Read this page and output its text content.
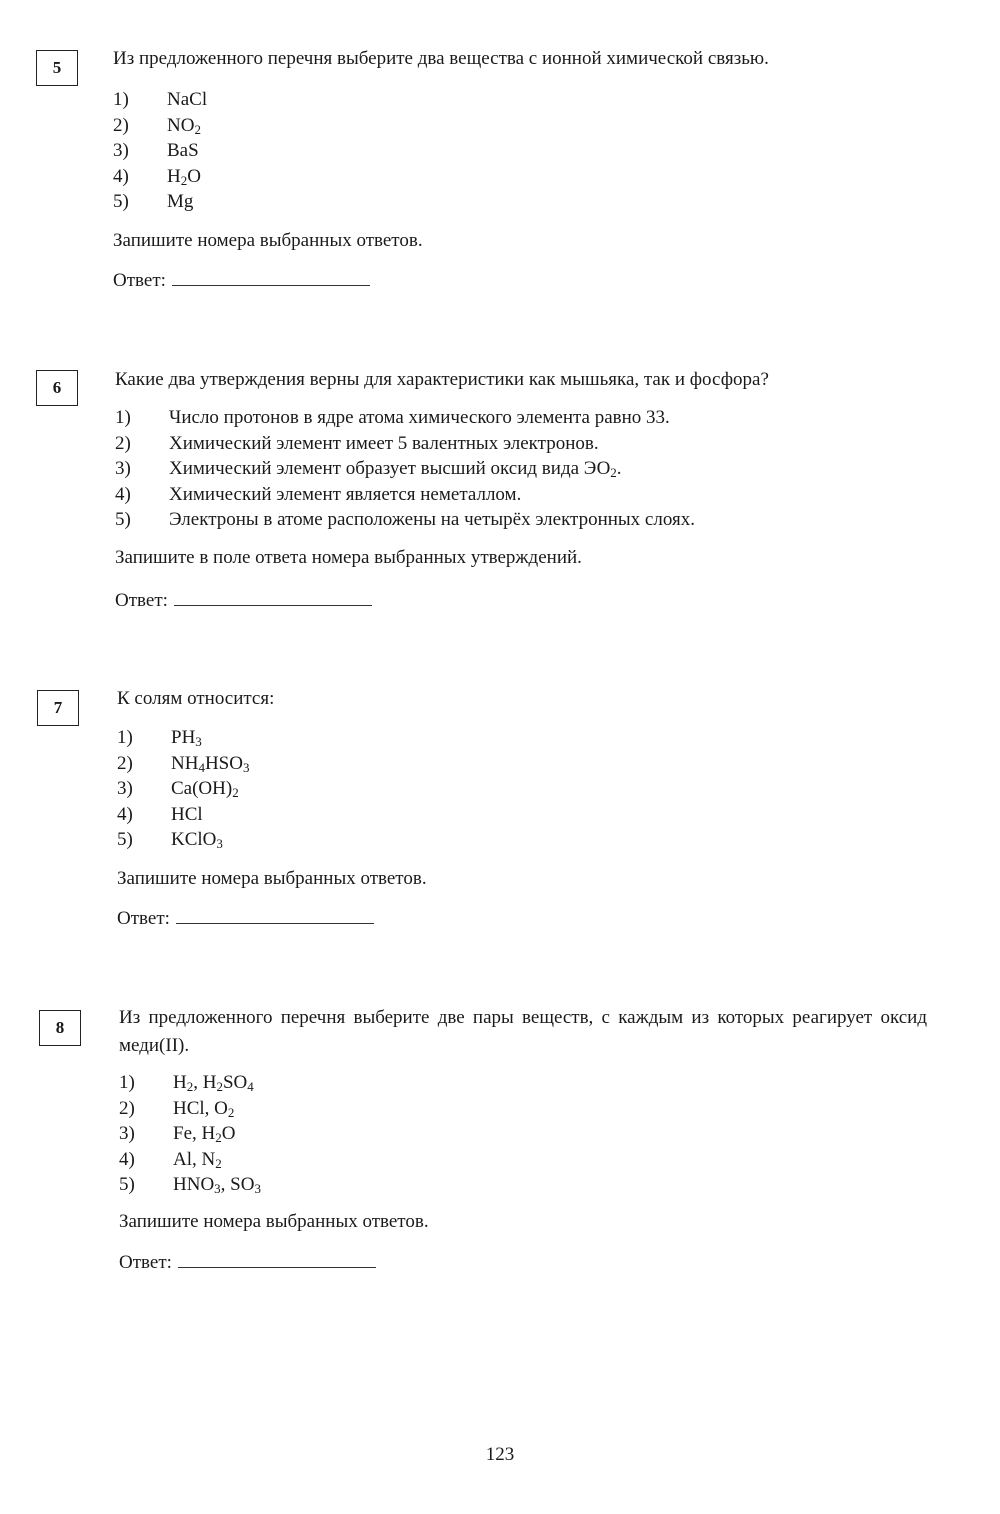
5	Из предложенного перечня выберите два вещества с ионной химической связью.

1) NaCl
2) $NO_2$
3) BaS
4) $H_2O$
5) Mg
Запишите номера выбранных ответов.
Ответ:
6	Какие два утверждения верны для характеристики как мышьяка, так и фосфора?

1) Число протонов в ядре атома химического элемента равно 33.
2) Химический элемент имеет 5 валентных электронов.
3) Химический элемент образует высший оксид вида $ЭО_2$.
4) Химический элемент является неметаллом.
5) Электроны в атоме расположены на четырёх электронных слоях.
Запишите в поле ответа номера выбранных утверждений.
Ответ:
7	К солям относится:

1) $PH_3$
2) $NH_4HSO_3$
3) $Ca(OH)_2$
4) HCl
5) KClO$_3$
Запишите номера выбранных ответов.
Ответ:
8	Из предложенного перечня выберите две пары веществ, с каждым из которых реагирует оксид меди(II).

1) $H_2$, $H_2SO_4$
2) HCl, $O_2$
3) Fe, $H_2O$
4) Al, $N_2$
5) $HNO_3$, $SO_3$
Запишите номера выбранных ответов.
Ответ:
123
